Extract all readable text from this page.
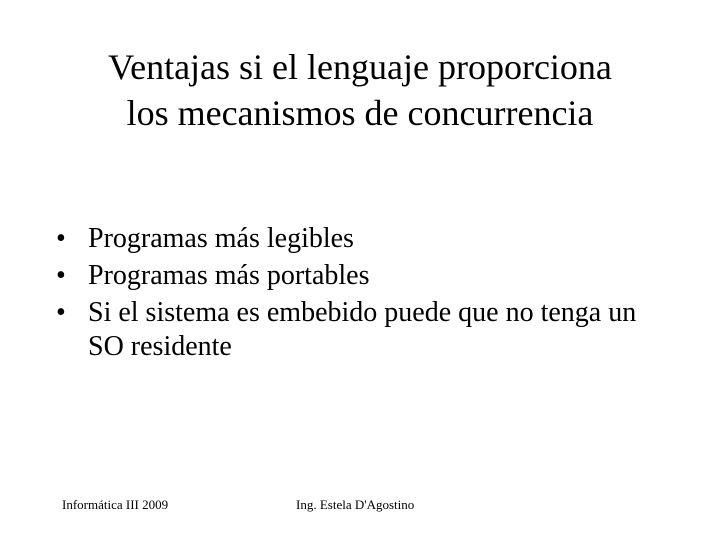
Ventajas si el lenguaje proporciona
los mecanismos de concurrencia
• Programas más legibles
• Programas más portables
• Si el sistema es embebido puede que no tenga un SO residente
Informática III 2009	Ing. Estela D'Agostino
